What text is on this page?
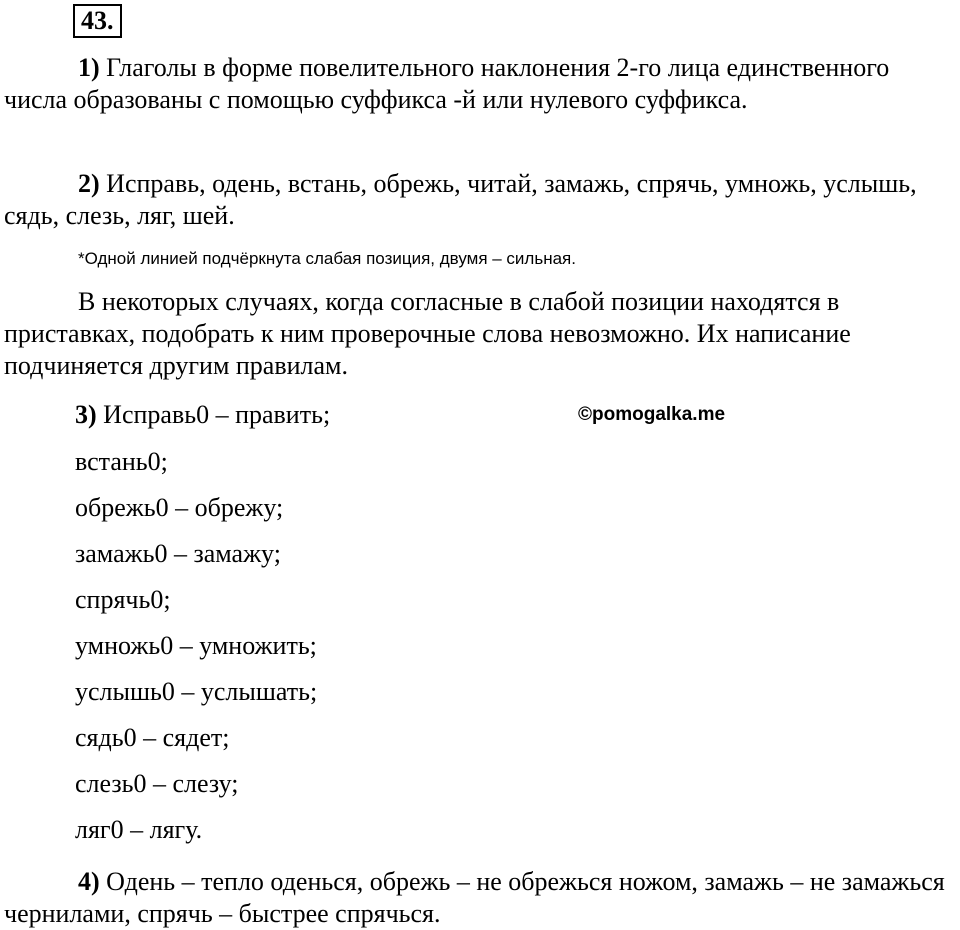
43.

1) Глаголы в форме повелительного наклонения 2-го лица единственного числа образованы с помощью суффикса -й или нулевого суффикса.

2) Исправь, одень, встань, обрежь, читай, замажь, спрячь, умножь, услышь, сядь, слезь, ляг, шей.

*Одной линией подчёркнута слабая позиция, двумя – сильная.

В некоторых случаях, когда согласные в слабой позиции находятся в приставках, подобрать к ним проверочные слова невозможно. Их написание подчиняется другим правилам.

3) Исправь0 – править;	©pomogalka.me
встань0;
обрежь0 – обрежу;
замажь0 – замажу;
спрячь0;
умножь0 – умножить;
услышь0 – услышать;
сядь0 – сядет;
слезь0 – слезу;
ляг0 – лягу.

4) Одень – тепло оденься, обрежь – не обрежься ножом, замажь – не замажься чернилами, спрячь – быстрее спрячься.
